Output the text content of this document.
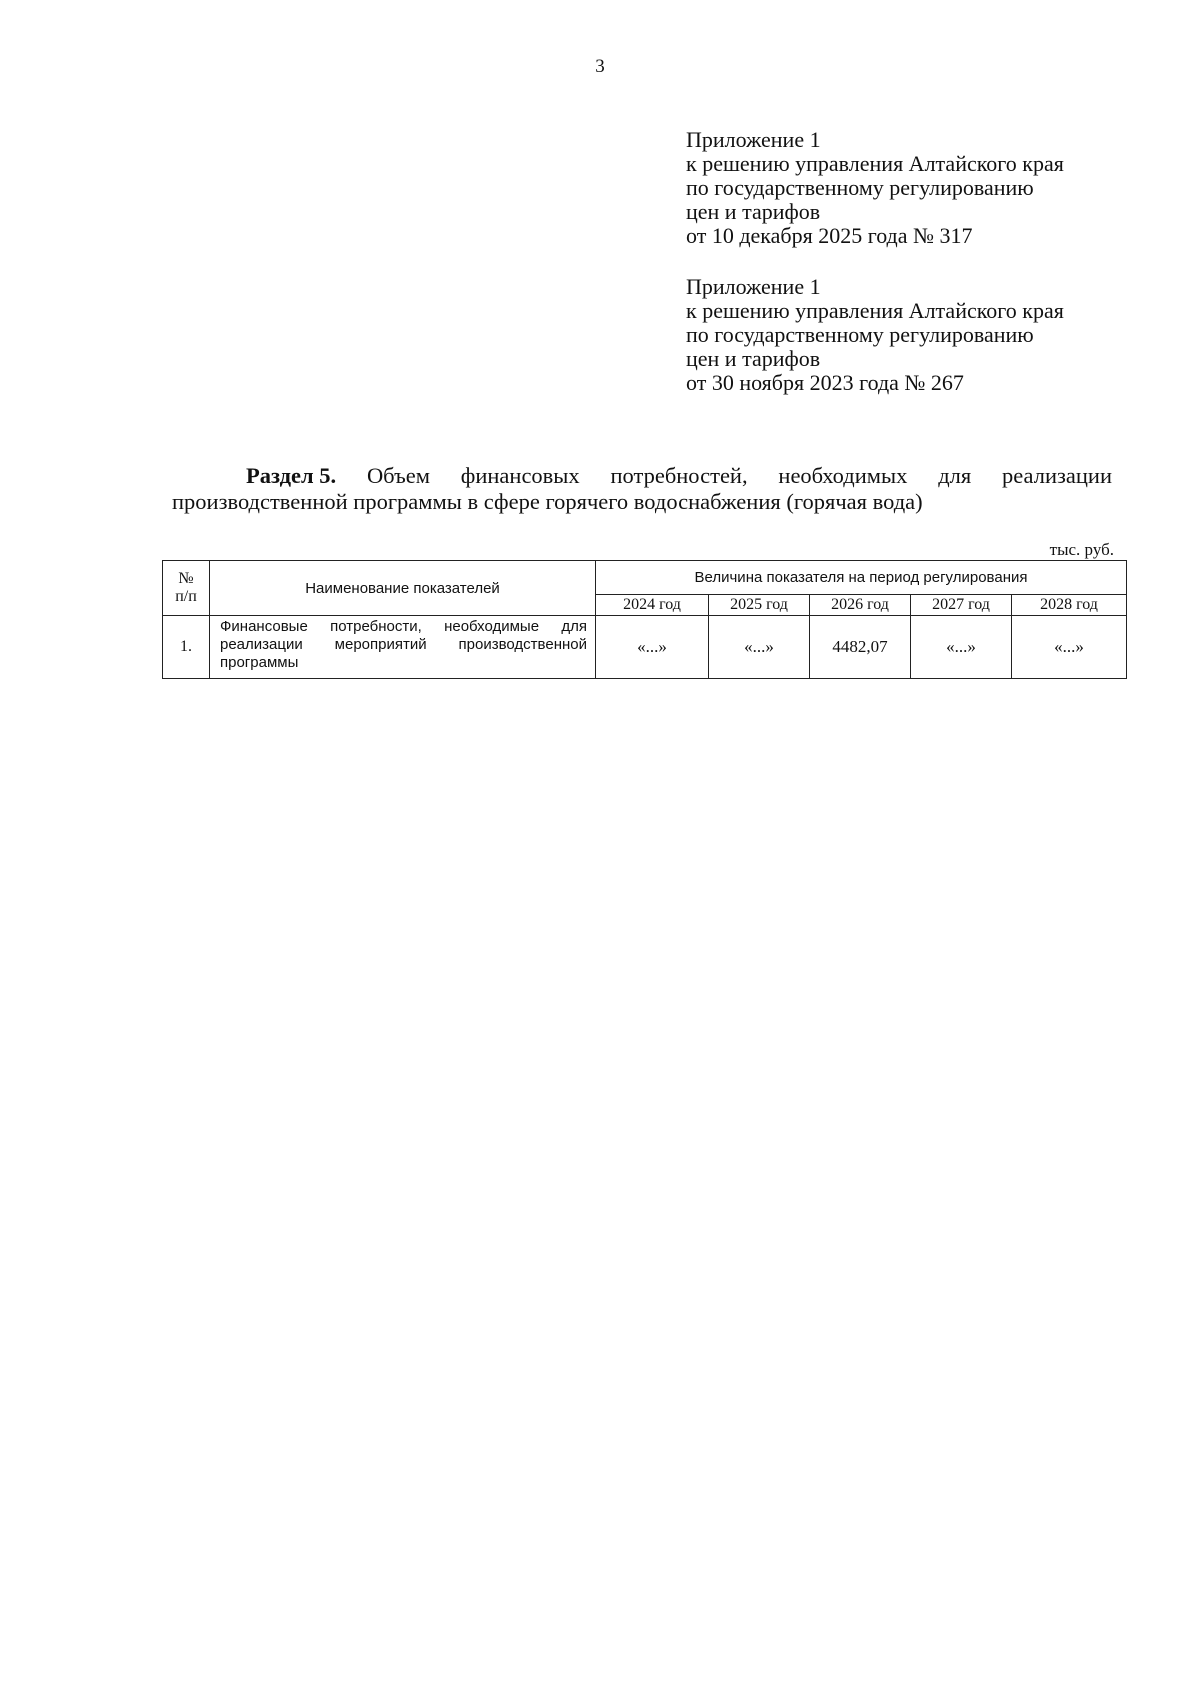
3
Приложение 1
к решению управления Алтайского края
по государственному регулированию
цен и тарифов
от 10 декабря 2025 года № 317
Приложение 1
к решению управления Алтайского края
по государственному регулированию
цен и тарифов
от 30 ноября 2023 года № 267
Раздел 5. Объем финансовых потребностей, необходимых для реализации
производственной программы в сфере горячего водоснабжения (горячая вода)
тыс. руб.
№
п/п	Наименование показателей	Величина показателя на период регулирования				
		2024 год	2025 год	2026 год	2027 год	2028 год
1.	Финансовые потребности, необходимые для реализации мероприятий производственной программы	«...»	«...»	4482,07	«...»	«...»
